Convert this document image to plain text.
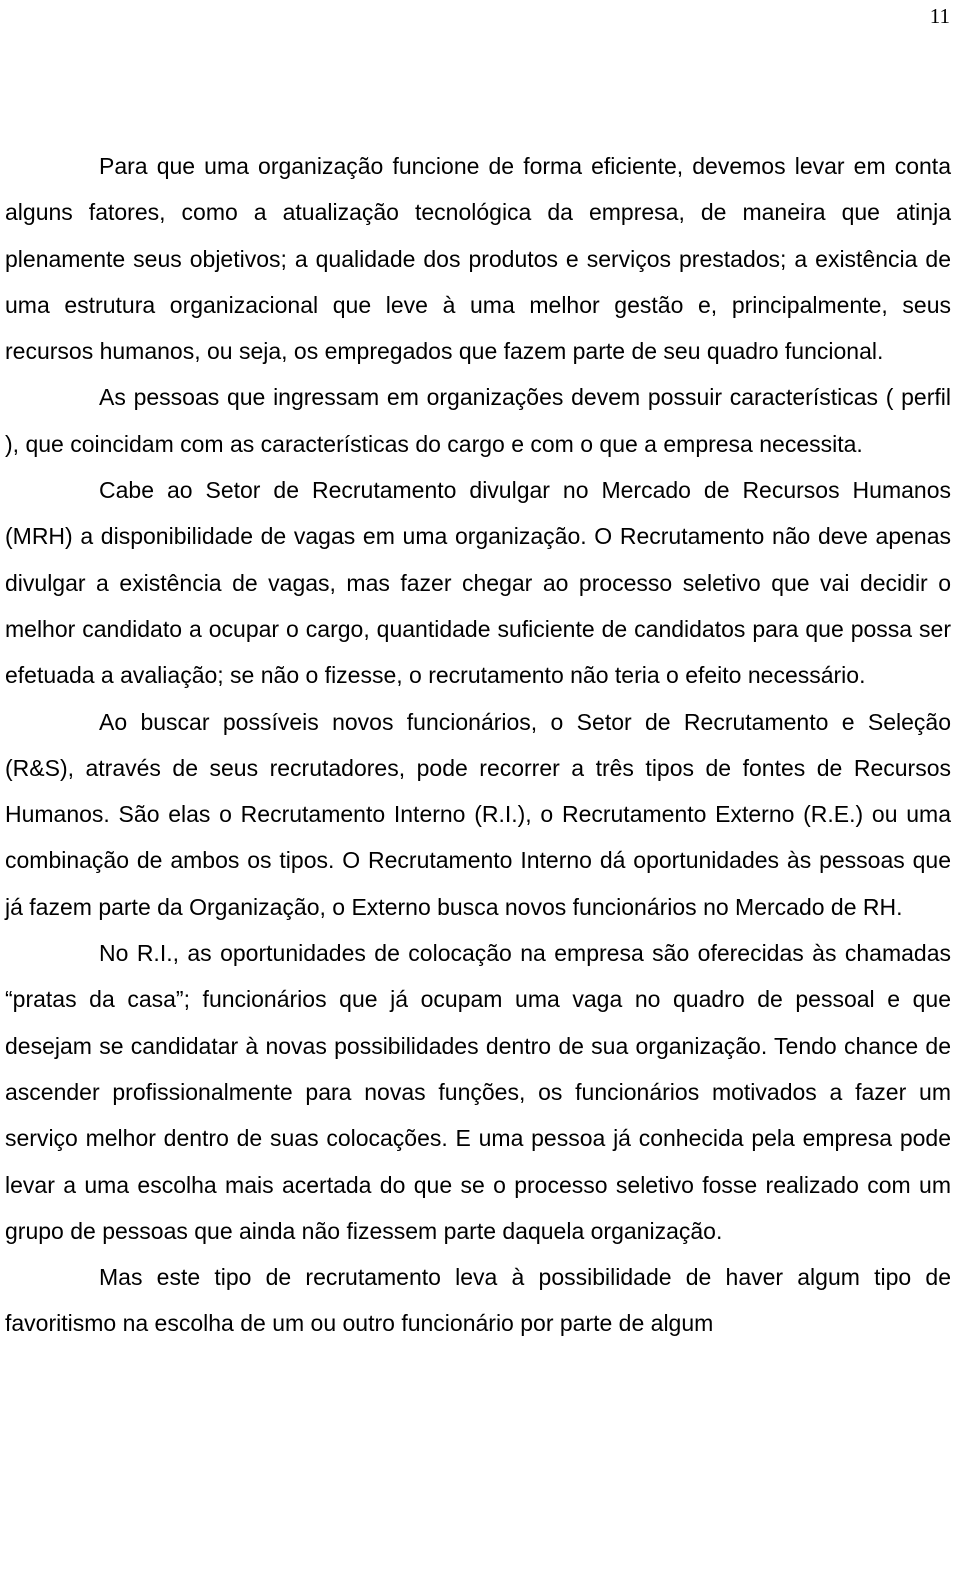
11

Para que uma organização funcione de forma eficiente, devemos levar em conta alguns fatores, como a atualização tecnológica da empresa, de maneira que atinja plenamente seus objetivos; a qualidade dos produtos e serviços prestados; a existência de uma estrutura organizacional que leve à uma melhor gestão e, principalmente, seus recursos humanos, ou seja, os empregados que fazem parte de seu quadro funcional.

As pessoas que ingressam em organizações devem possuir características ( perfil ), que coincidam com as características do cargo e com o que a empresa necessita.

Cabe ao Setor de Recrutamento divulgar no Mercado de Recursos Humanos (MRH) a disponibilidade de vagas em uma organização. O Recrutamento não deve apenas divulgar a existência de vagas, mas fazer chegar ao processo seletivo que vai decidir o melhor candidato a ocupar o cargo, quantidade suficiente de candidatos para que possa ser efetuada a avaliação; se não o fizesse, o recrutamento não teria o efeito necessário.

Ao buscar possíveis novos funcionários, o Setor de Recrutamento e Seleção (R&S), através de seus recrutadores, pode recorrer a três tipos de fontes de Recursos Humanos. São elas o Recrutamento Interno (R.I.), o Recrutamento Externo (R.E.) ou uma combinação de ambos os tipos. O Recrutamento Interno dá oportunidades às pessoas que já fazem parte da Organização, o Externo busca novos funcionários no Mercado de RH.

No R.I., as oportunidades de colocação na empresa são oferecidas às chamadas “pratas da casa”; funcionários que já ocupam uma vaga no quadro de pessoal e que desejam se candidatar à novas possibilidades dentro de sua organização. Tendo chance de ascender profissionalmente para novas funções, os funcionários motivados a fazer um serviço melhor dentro de suas colocações. E uma pessoa já conhecida pela empresa pode levar a uma escolha mais acertada do que se o processo seletivo fosse realizado com um grupo de pessoas que ainda não fizessem parte daquela organização.

Mas este tipo de recrutamento leva à possibilidade de haver algum tipo de favoritismo na escolha de um ou outro funcionário por parte de algum
